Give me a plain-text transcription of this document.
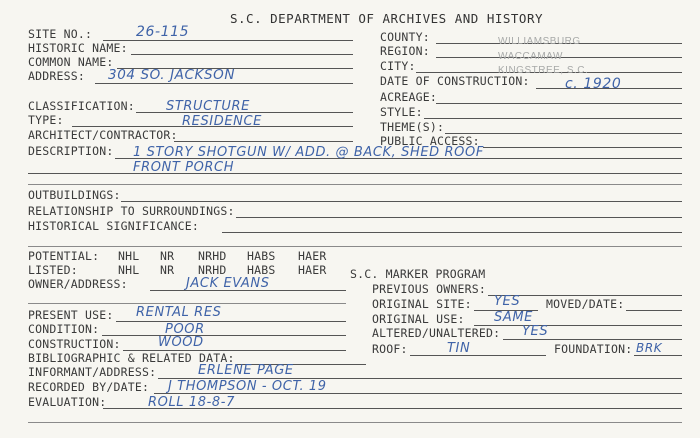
S.C. DEPARTMENT OF ARCHIVES AND HISTORY
SITE NO.:	26-115
HISTORIC NAME:
COMMON NAME:
ADDRESS: 304 SO. JACKSON
CLASSIFICATION: STRUCTURE
TYPE:	RESIDENCE
ARCHITECT/CONTRACTOR:
DESCRIPTION: 1 STORY SHOTGUN W/ ADD. @ BACK, SHED ROOF
FRONT PORCH
OUTBUILDINGS:
RELATIONSHIP TO SURROUNDINGS:
HISTORICAL SIGNIFICANCE:
POTENTIAL: NHL NR NRHD HABS HAER
LISTED:	NHL NR NRHD HABS HAER
OWNER/ADDRESS:	JACK EVANS
PRESENT USE: RENTAL RES
CONDITION:	POOR
CONSTRUCTION:	WOOD
BIBLIOGRAPHIC & RELATED DATA:
INFORMANT/ADDRESS:	ERLENE PAGE
RECORDED BY/DATE: J THOMPSON - OCT. 19
EVALUATION:	ROLL 18-8-7
COUNTY:	WILLIAMSBURG
REGION:	WACCAMAW
CITY:	KINGSTREE, S.C.
DATE OF CONSTRUCTION:	c. 1920
ACREAGE:
STYLE:
THEME(S):
PUBLIC ACCESS:
S.C. MARKER PROGRAM
PREVIOUS OWNERS:
ORIGINAL SITE: YES MOVED/DATE:
ORIGINAL USE: SAME
ALTERED/UNALTERED: YES
ROOF:	TIN	FOUNDATION: BRK
